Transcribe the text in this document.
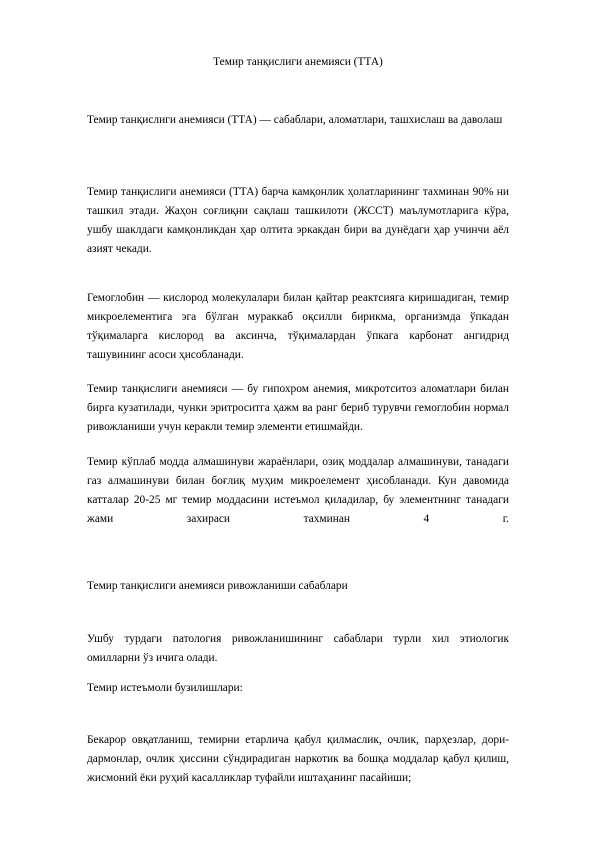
Темир танқислиги анемияси (ТТА)

Темир танқислиги анемияси (ТТА) — сабаблари, аломатлари, ташхислаш ва даволаш

Темир танқислиги анемияси (ТТА) барча камқонлик ҳолатларининг тахминан 90% ни ташкил этади. Жаҳон соғлиқни сақлаш ташкилоти (ЖССТ) маълумотларига кўра, ушбу шаклдаги камқонликдан ҳар олтита эркакдан бири ва дунёдаги ҳар учинчи аёл азият чекади.

Гемоглобин — кислород молекулалари билан қайтар реактсияга киришадиган, темир микроелементига эга бўлган мураккаб оқсилли бирикма, организмда ўпкадан тўқималарга кислород ва аксинча, тўқималардан ўпкага карбонат ангидрид ташувининг асоси ҳисобланади.

Темир танқислиги анемияси — бу гипохром анемия, микротситоз аломатлари билан бирга кузатилади, чунки эритроситга ҳажм ва ранг бериб турувчи гемоглобин нормал ривожланиши учун керакли темир элементи етишмайди.

Темир кўплаб модда алмашинуви жараёнлари, озиқ моддалар алмашинуви, танадаги газ алмашинуви билан боғлиқ муҳим микроелемент ҳисобланади. Кун давомида катталар 20-25 мг темир моддасини истеъмол қиладилар, бу элементнинг танадаги жами захираси тахминан 4 г.

Темир танқислиги анемияси ривожланиши сабаблари

Ушбу турдаги патология ривожланишининг сабаблари турли хил этиологик омилларни ўз ичига олади.

Темир истеъмоли бузилишлари:

Бекарор овқатланиш, темирни етарлича қабул қилмаслик, очлик, парҳезлар, дори-дармонлар, очлик ҳиссини сўндирадиган наркотик ва бошқа моддалар қабул қилиш, жисмоний ёки руҳий касалликлар туфайли иштаҳанинг пасайиши;
